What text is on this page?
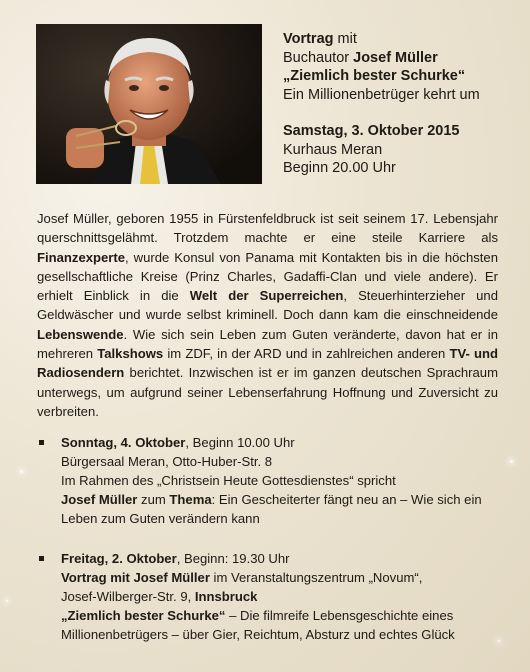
Vortrag mit
Buchautor Josef Müller
„Ziemlich bester Schurke“
Ein Millionenbetrüger kehrt um
Samstag, 3. Oktober 2015
Kurhaus Meran
Beginn 20.00 Uhr
Josef Müller, geboren 1955 in Fürstenfeldbruck ist seit seinem 17. Lebensjahr querschnittsgelähmt. Trotzdem machte er eine steile Karriere als Finanzexperte, wurde Konsul von Panama mit Kontakten bis in die höchsten gesellschaftliche Kreise (Prinz Charles, Gadaffi-Clan und viele andere). Er erhielt Einblick in die Welt der Superreichen, Steuerhinterzieher und Geldwäscher und wurde selbst kriminell. Doch dann kam die einschneidende Lebenswende. Wie sich sein Leben zum Guten veränderte, davon hat er in mehreren Talkshows im ZDF, in der ARD und in zahlreichen anderen TV- und Radiosendern berichtet. Inzwischen ist er im ganzen deutschen Sprachraum unterwegs, um aufgrund seiner Lebenserfahrung Hoffnung und Zuversicht zu verbreiten.
Sonntag, 4. Oktober, Beginn 10.00 Uhr
Bürgersaal Meran, Otto-Huber-Str. 8
Im Rahmen des „Christsein Heute Gottesdienstes“ spricht
Josef Müller zum Thema: Ein Gescheiterter fängt neu an – Wie sich ein Leben zum Guten verändern kann
Freitag, 2. Oktober, Beginn: 19.30 Uhr
Vortrag mit Josef Müller im Veranstaltungszentrum „Novum“,
Josef-Wilberger-Str. 9, Innsbruck
„Ziemlich bester Schurke“ – Die filmreife Lebensgeschichte eines Millionenbetrügers – über Gier, Reichtum, Absturz und echtes Glück
